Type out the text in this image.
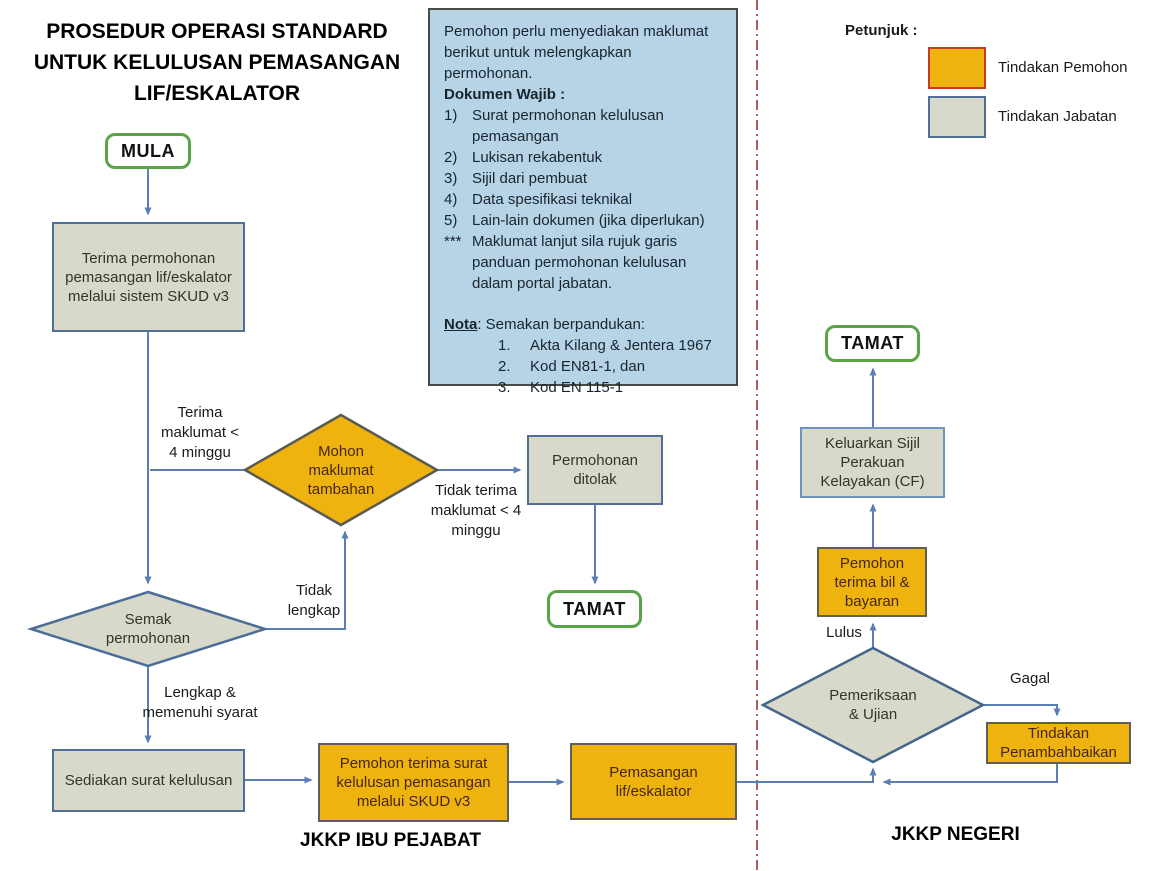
PROSEDUR OPERASI STANDARD
UNTUK KELULUSAN PEMASANGAN
LIF/ESKALATOR
Pemohon perlu menyediakan maklumat berikut untuk melengkapkan permohonan.
Dokumen Wajib :
1) Surat permohonan kelulusan pemasangan
2) Lukisan rekabentuk
3) Sijil dari pembuat
4) Data spesifikasi teknikal
5) Lain-lain dokumen (jika diperlukan)
*** Maklumat lanjut sila rujuk garis panduan permohonan kelulusan dalam portal jabatan.
Nota: Semakan berpandukan:
1.	Akta Kilang & Jentera 1967
2.	Kod EN81-1, dan
3.	Kod EN 115-1
Petunjuk :
Tindakan Pemohon
Tindakan Jabatan
MULA
TAMAT
TAMAT
Terima permohonan pemasangan lif/eskalator melalui sistem SKUD v3
Permohonan ditolak
Sediakan surat kelulusan
Pemohon terima surat kelulusan pemasangan melalui SKUD v3
Pemasangan lif/eskalator
Keluarkan Sijil Perakuan Kelayakan (CF)
Pemohon terima bil & bayaran
Tindakan Penambahbaikan
Mohon maklumat tambahan
Semak permohonan
Pemeriksaan & Ujian
Terima maklumat < 4 minggu
Tidak terima maklumat < 4 minggu
Tidak lengkap
Lengkap & memenuhi syarat
Lulus
Gagal
JKKP IBU PEJABAT	JKKP NEGERI
